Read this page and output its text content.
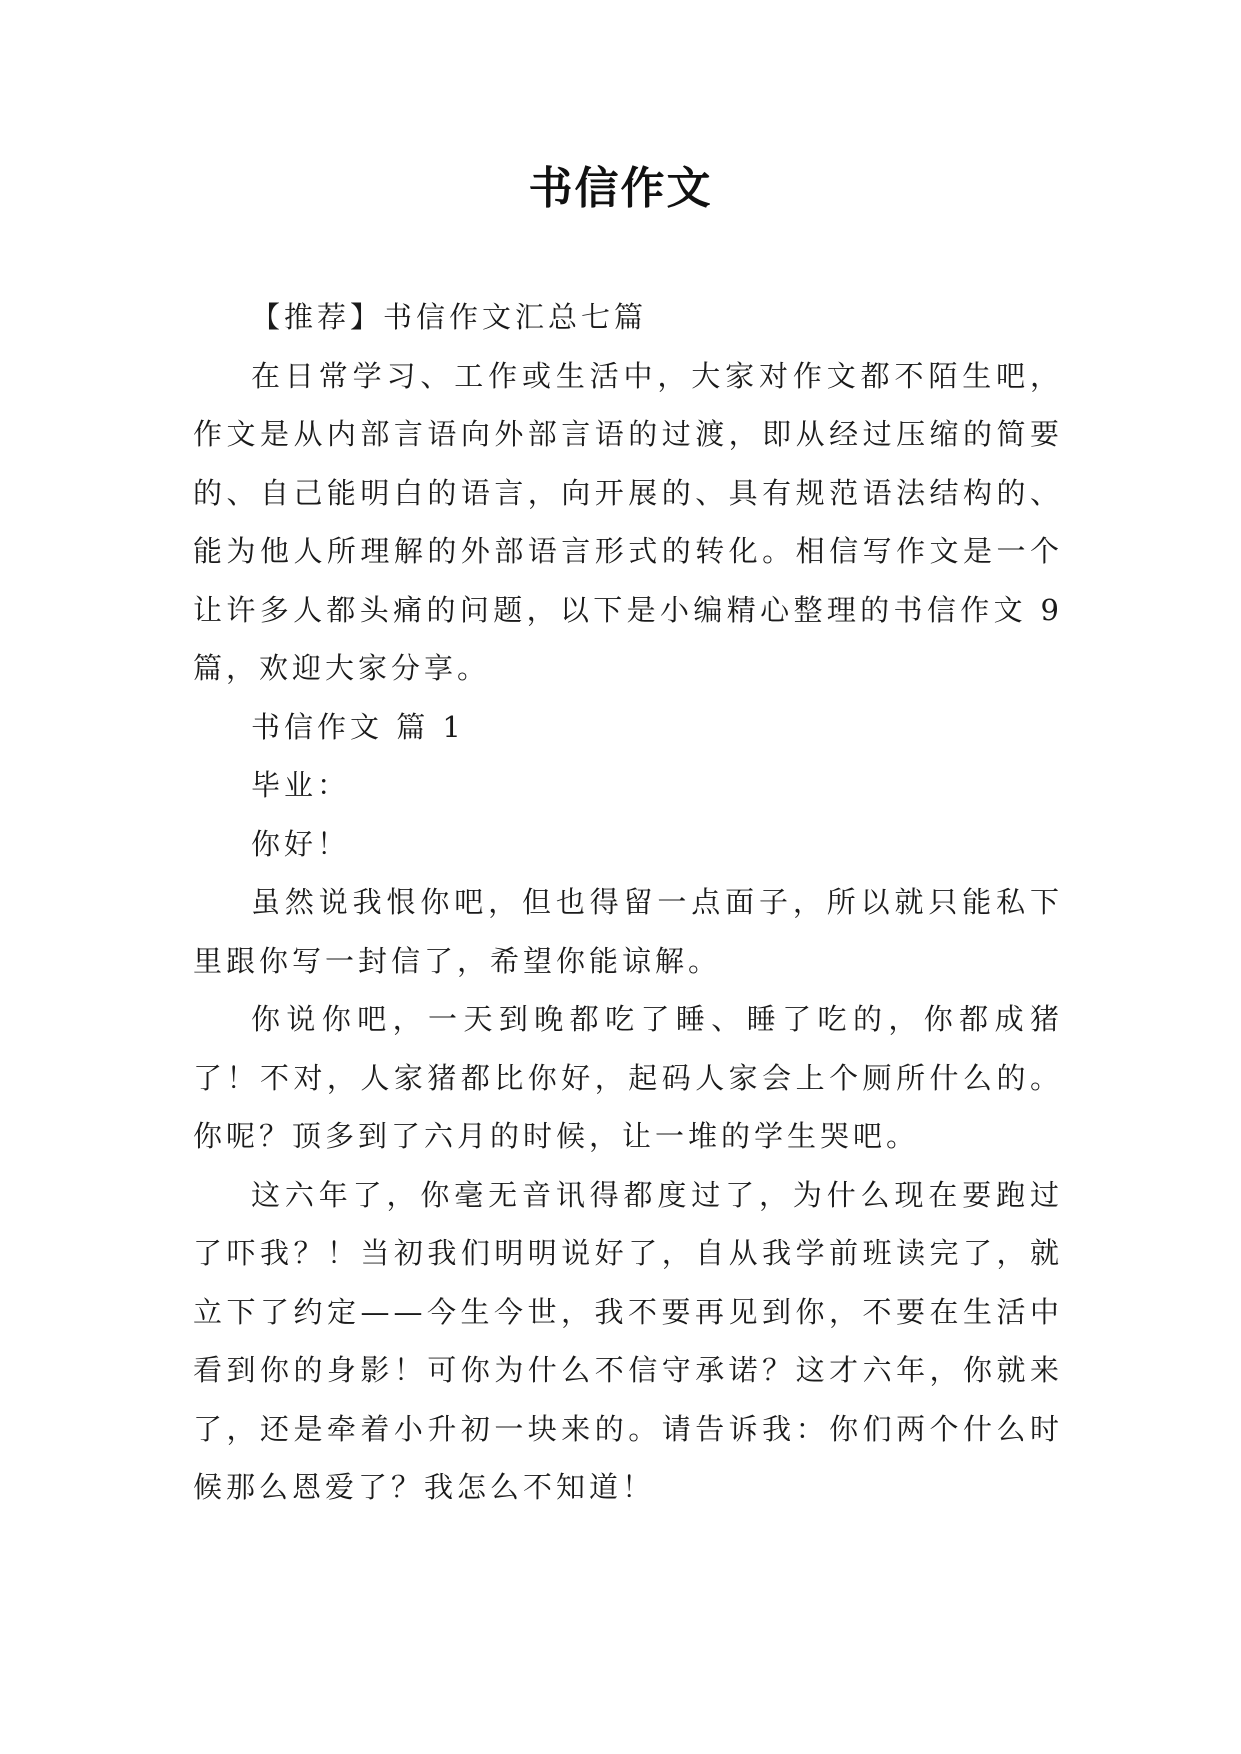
书信作文

【推荐】书信作文汇总七篇

在日常学习、工作或生活中，大家对作文都不陌生吧，作文是从内部言语向外部言语的过渡，即从经过压缩的简要的、自己能明白的语言，向开展的、具有规范语法结构的、能为他人所理解的外部语言形式的转化。相信写作文是一个让许多人都头痛的问题，以下是小编精心整理的书信作文 9 篇，欢迎大家分享。

书信作文 篇 1

毕业：

你好！

虽然说我恨你吧，但也得留一点面子，所以就只能私下里跟你写一封信了，希望你能谅解。

你说你吧，一天到晚都吃了睡、睡了吃的，你都成猪了！不对，人家猪都比你好，起码人家会上个厕所什么的。你呢？顶多到了六月的时候，让一堆的学生哭吧。

这六年了，你毫无音讯得都度过了，为什么现在要跑过了吓我？！当初我们明明说好了，自从我学前班读完了，就立下了约定——今生今世，我不要再见到你，不要在生活中看到你的身影！可你为什么不信守承诺？这才六年，你就来了，还是牵着小升初一块来的。请告诉我：你们两个什么时候那么恩爱了？我怎么不知道！
